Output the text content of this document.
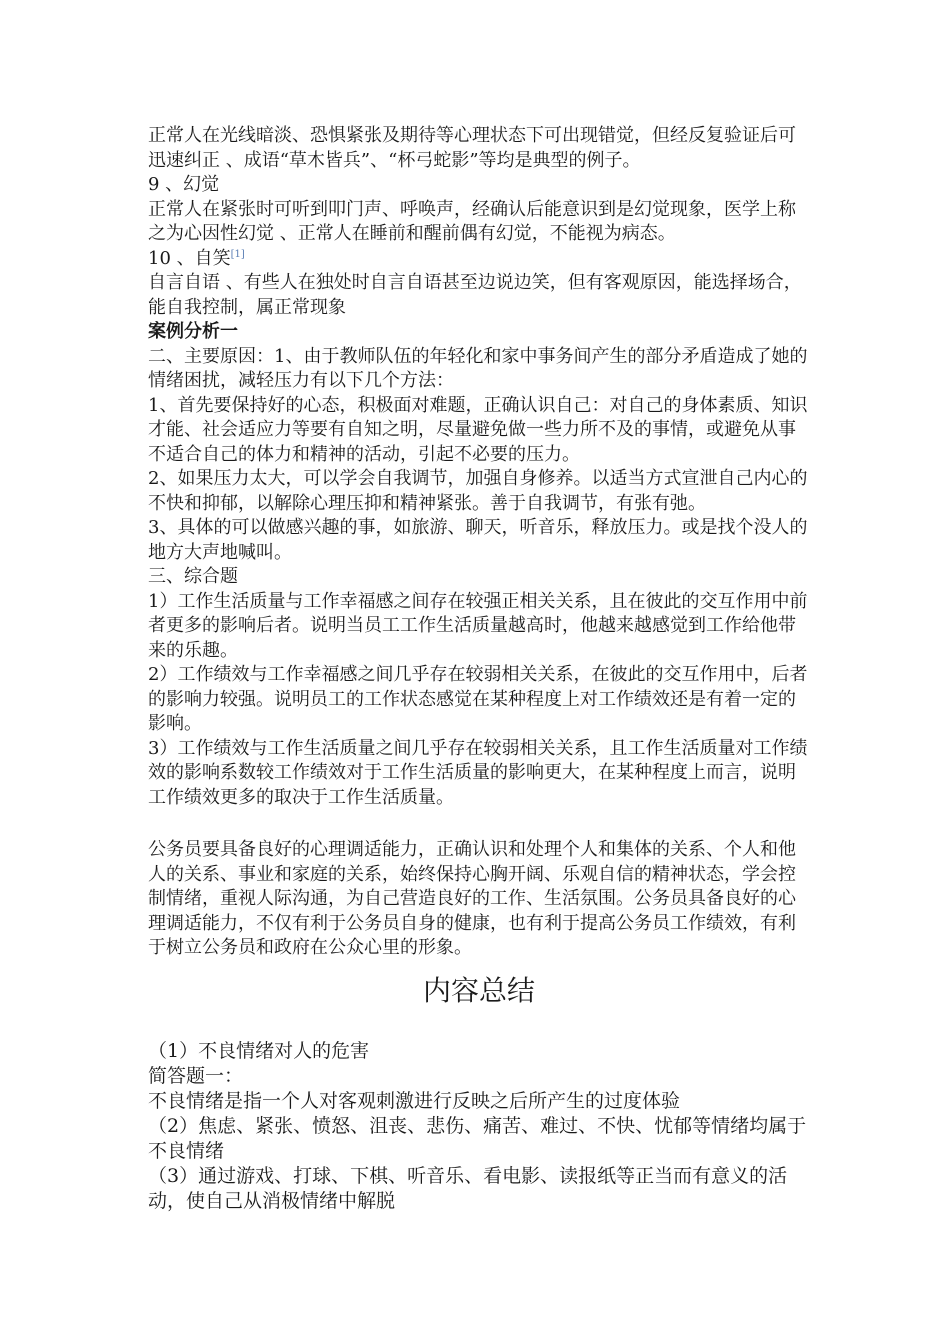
正常人在光线暗淡、恐惧紧张及期待等心理状态下可出现错觉，但经反复验证后可迅速纠正 、成语“草木皆兵”、“杯弓蛇影”等均是典型的例子。

9 、幻觉

正常人在紧张时可听到叩门声、呼唤声，经确认后能意识到是幻觉现象，医学上称之为心因性幻觉 、正常人在睡前和醒前偶有幻觉，不能视为病态。

10 、自笑[1]

自言自语 、有些人在独处时自言自语甚至边说边笑，但有客观原因，能选择场合，能自我控制，属正常现象

案例分析一

二、主要原因：1、由于教师队伍的年轻化和家中事务间产生的部分矛盾造成了她的情绪困扰，减轻压力有以下几个方法：

1、首先要保持好的心态，积极面对难题，正确认识自己：对自己的身体素质、知识才能、社会适应力等要有自知之明，尽量避免做一些力所不及的事情，或避免从事不适合自己的体力和精神的活动，引起不必要的压力。

2、如果压力太大，可以学会自我调节，加强自身修养。以适当方式宣泄自己内心的不快和抑郁，以解除心理压抑和精神紧张。善于自我调节，有张有弛。

3、具体的可以做感兴趣的事，如旅游、聊天，听音乐，释放压力。或是找个没人的地方大声地喊叫。

三、综合题

1）工作生活质量与工作幸福感之间存在较强正相关关系，且在彼此的交互作用中前者更多的影响后者。说明当员工工作生活质量越高时，他越来越感觉到工作给他带来的乐趣。

2）工作绩效与工作幸福感之间几乎存在较弱相关关系，在彼此的交互作用中，后者的影响力较强。说明员工的工作状态感觉在某种程度上对工作绩效还是有着一定的影响。

3）工作绩效与工作生活质量之间几乎存在较弱相关关系，且工作生活质量对工作绩效的影响系数较工作绩效对于工作生活质量的影响更大，在某种程度上而言，说明工作绩效更多的取决于工作生活质量。

公务员要具备良好的心理调适能力，正确认识和处理个人和集体的关系、个人和他人的关系、事业和家庭的关系，始终保持心胸开阔、乐观自信的精神状态，学会控制情绪，重视人际沟通，为自己营造良好的工作、生活氛围。公务员具备良好的心理调适能力，不仅有利于公务员自身的健康，也有利于提高公务员工作绩效，有利于树立公务员和政府在公众心里的形象。

内容总结

（1）不良情绪对人的危害

简答题一：

不良情绪是指一个人对客观刺激进行反映之后所产生的过度体验

（2）焦虑、紧张、愤怒、沮丧、悲伤、痛苦、难过、不快、忧郁等情绪均属于不良情绪

（3）通过游戏、打球、下棋、听音乐、看电影、读报纸等正当而有意义的活动，使自己从消极情绪中解脱
